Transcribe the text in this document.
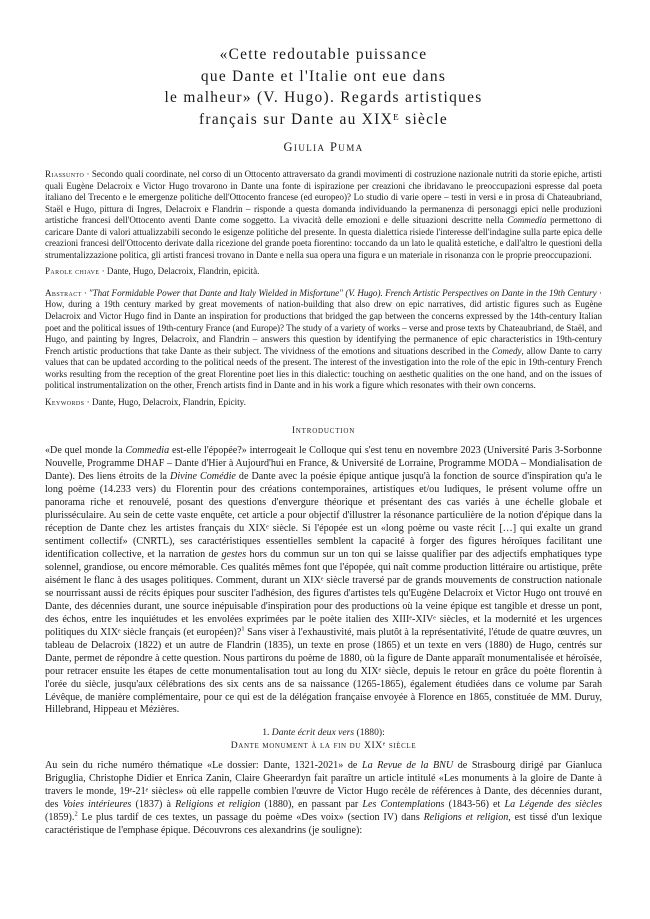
«Cette redoutable puissance
que Dante et l'Italie ont eue dans
le malheur» (V. Hugo). Regards artistiques
français sur Dante au XIXᴱ siècle
Giulia Puma

Riassunto · Secondo quali coordinate, nel corso di un Ottocento attraversato da grandi movimenti di costruzione nazionale nutriti da storie epiche, artisti quali Eugène Delacroix e Victor Hugo trovarono in Dante una fonte di ispirazione per creazioni che ibridavano le preoccupazioni espresse dal poeta italiano del Trecento e le emergenze politiche dell'Ottocento francese (ed europeo)? Lo studio di varie opere – testi in versi e in prosa di Chateaubriand, Staël e Hugo, pittura di Ingres, Delacroix e Flandrin – risponde a questa domanda individuando la permanenza di personaggi epici nelle produzioni artistiche francesi dell'Ottocento aventi Dante come soggetto. La vivacità delle emozioni e delle situazioni descritte nella Commedia permettono di caricare Dante di valori attualizzabili secondo le esigenze politiche del presente. In questa dialettica risiede l'interesse dell'indagine sulla parte epica delle creazioni francesi dell'Ottocento derivate dalla ricezione del grande poeta fiorentino: toccando da un lato le qualità estetiche, e dall'altro le questioni della strumentalizzazione politica, gli artisti francesi trovano in Dante e nella sua opera una figura e un materiale in risonanza con le proprie preoccupazioni.

Parole chiave · Dante, Hugo, Delacroix, Flandrin, epicità.

Abstract · "That Formidable Power that Dante and Italy Wielded in Misfortune" (V. Hugo). French Artistic Perspectives on Dante in the 19th Century · How, during a 19th century marked by great movements of nation-building that also drew on epic narratives, did artistic figures such as Eugène Delacroix and Victor Hugo find in Dante an inspiration for productions that bridged the gap between the concerns expressed by the 14th-century Italian poet and the political issues of 19th-century France (and Europe)? The study of a variety of works – verse and prose texts by Chateaubriand, de Staël, and Hugo, and painting by Ingres, Delacroix, and Flandrin – answers this question by identifying the permanence of epic characteristics in 19th-century French artistic productions that take Dante as their subject. The vividness of the emotions and situations described in the Comedy, allow Dante to carry values that can be updated according to the political needs of the present. The interest of the investigation into the role of the epic in 19th-century French works resulting from the reception of the great Florentine poet lies in this dialectic: touching on aesthetic qualities on the one hand, and on the issues of political instrumentalization on the other, French artists find in Dante and in his work a figure which resonates with their own concerns.

Keywords · Dante, Hugo, Delacroix, Flandrin, Epicity.

Introduction

«De quel monde la Commedia est-elle l'épopée?» interrogeait le Colloque qui s'est tenu en novembre 2023 (Université Paris 3-Sorbonne Nouvelle, Programme DHAF – Dante d'Hier à Aujourd'hui en France, & Université de Lorraine, Programme MODA – Mondialisation de Dante). Des liens étroits de la Divine Comédie de Dante avec la poésie épique antique jusqu'à la fonction de source d'inspiration qu'a le long poème (14.233 vers) du Florentin pour des créations contemporaines, artistiques et/ou ludiques, le présent volume offre un panorama riche et renouvelé, posant des questions d'envergure théorique et présentant des cas variés à une échelle globale et plurisséculaire. Au sein de cette vaste enquête, cet article a pour objectif d'illustrer la résonance particulière de la notion d'épique dans la réception de Dante chez les artistes français du XIXᵉ siècle. Si l'épopée est un «long poème ou vaste récit […] qui exalte un grand sentiment collectif» (CNRTL), ses caractéristiques essentielles semblent la capacité à forger des figures héroïques facilitant une identification collective, et la narration de gestes hors du commun sur un ton qui se laisse qualifier par des adjectifs emphatiques type solennel, grandiose, ou encore mémorable. Ces qualités mêmes font que l'épopée, qui naît comme production littéraire ou artistique, prête aisément le flanc à des usages politiques. Comment, durant un XIXᵉ siècle traversé par de grands mouvements de construction nationale se nourrissant aussi de récits épiques pour susciter l'adhésion, des figures d'artistes tels qu'Eugène Delacroix et Victor Hugo ont trouvé en Dante, des décennies durant, une source inépuisable d'inspiration pour des productions où la veine épique est tangible et dresse un pont, des échos, entre les inquiétudes et les envolées exprimées par le poète italien des XIIIᵉ-XIVᵉ siècles, et la modernité et les urgences politiques du XIXᵉ siècle français (et européen)?$^1$ Sans viser à l'exhaustivité, mais plutôt à la représentativité, l'étude de quatre œuvres, un tableau de Delacroix (1822) et un autre de Flandrin (1835), un texte en prose (1865) et un texte en vers (1880) de Hugo, centrés sur Dante, permet de répondre à cette question. Nous partirons du poème de 1880, où la figure de Dante apparaît monumentalisée et héroïsée, pour retracer ensuite les étapes de cette monumentalisation tout au long du XIXᵉ siècle, depuis le retour en grâce du poète florentin à l'orée du siècle, jusqu'aux célébrations des six cents ans de sa naissance (1265-1865), également étudiées dans ce volume par Sarah Lévêque, de manière complémentaire, pour ce qui est de la délégation française envoyée à Florence en 1865, constituée de MM. Duruy, Hillebrand, Hippeau et Mézières.

1. Dante écrit deux vers (1880):
Dante monument à la fin du XIXᵉ siècle

Au sein du riche numéro thématique «Le dossier: Dante, 1321-2021» de La Revue de la BNU de Strasbourg dirigé par Gianluca Briguglia, Christophe Didier et Enrica Zanin, Claire Gheerardyn fait paraître un article intitulé «Les monuments à la gloire de Dante à travers le monde, 19ᵉ-21ᵉ siècles» où elle rappelle combien l'œuvre de Victor Hugo recèle de références à Dante, des décennies durant, des Voies intérieures (1837) à Religions et religion (1880), en passant par Les Contemplations (1843-56) et La Légende des siècles (1859).$^2$ Le plus tardif de ces textes, un passage du poème «Des voix» (section IV) dans Religions et religion, est tissé d'un lexique caractéristique de l'emphase épique. Découvrons ces alexandrins (je souligne):
